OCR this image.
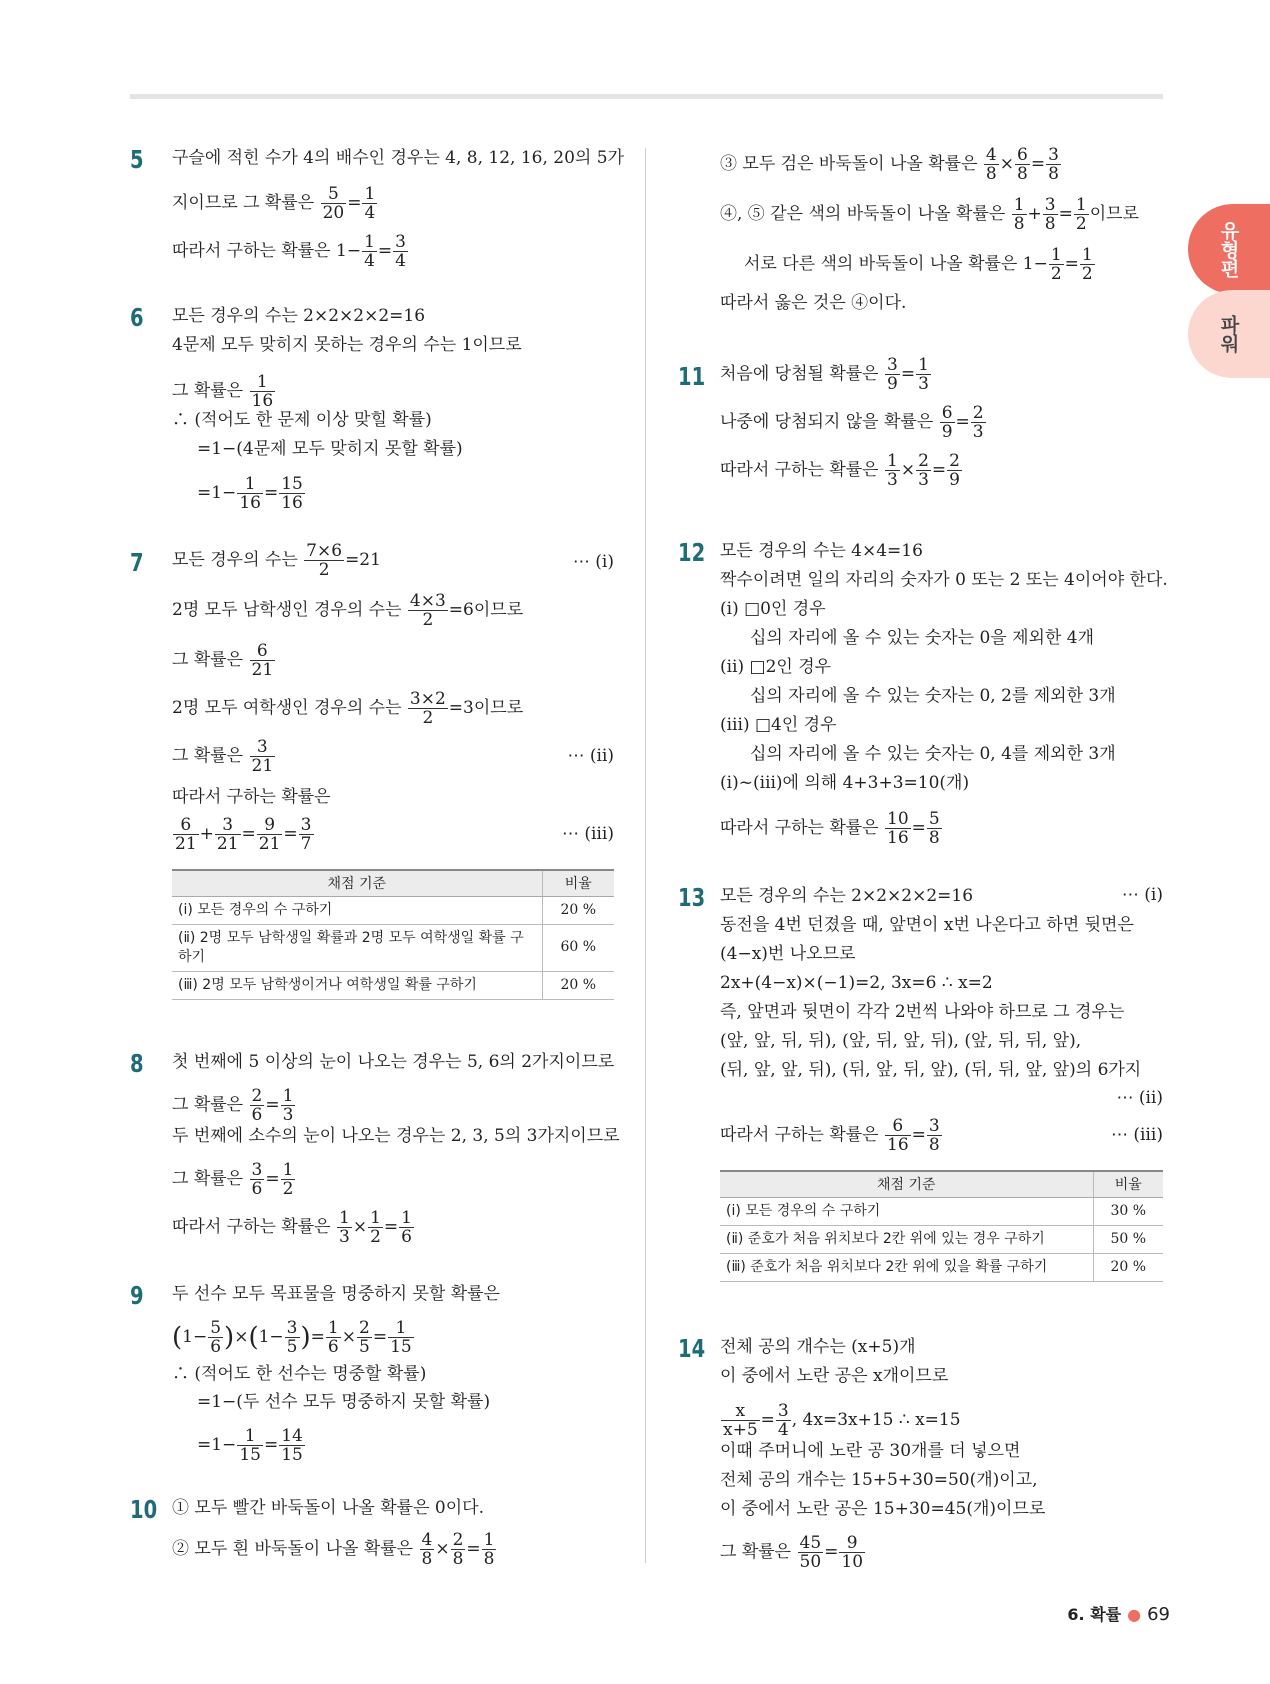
유형편
파워
5 구슬에 적힌 수가 4의 배수인 경우는 4, 8, 12, 16, 20의 5가
지이므로 그 확률은 $\frac{5}{20} = \frac{1}{4}$
따라서 구하는 확률은 $1- \frac{1}{4} = \frac{3}{4}$
6 모든 경우의 수는 2×2×2×2=16
4문제 모두 맞히지 못하는 경우의 수는 1이므로
그 확률은 $\frac{1}{16}$
∴ (적어도 한 문제 이상 맞힐 확률)
=1−(4문제 모두 맞히지 못할 확률)
$=1- \frac{1}{16} = \frac{15}{16}$
7 모든 경우의 수는 $\frac{7\times 6}{2} =21$	⋯ (ⅰ)
2명 모두 남학생인 경우의 수는 $\frac{4\times 3}{2} =6$이므로
그 확률은 $\frac{6}{21}$
2명 모두 여학생인 경우의 수는 $\frac{3\times 2}{2} =3$이므로
그 확률은 $\frac{3}{21}$	⋯ (ⅱ)
따라서 구하는 확률은
$\frac{6}{21} + \frac{3}{21} = \frac{9}{21} = \frac{3}{7}$	⋯ (ⅲ)
채점 기준	비율
(ⅰ) 모든 경우의 수 구하기	20 %
(ⅱ) 2명 모두 남학생일 확률과 2명 모두 여학생일 확률 구하기	60 %
(ⅲ) 2명 모두 남학생이거나 여학생일 확률 구하기	20 %
8 첫 번째에 5 이상의 눈이 나오는 경우는 5, 6의 2가지이므로
그 확률은 $\frac{2}{6} = \frac{1}{3}$
두 번째에 소수의 눈이 나오는 경우는 2, 3, 5의 3가지이므로
그 확률은 $\frac{3}{6} = \frac{1}{2}$
따라서 구하는 확률은 $\frac{1}{3} \times \frac{1}{2} = \frac{1}{6}$
9 두 선수 모두 목표물을 명중하지 못할 확률은
$(1- \frac{5}{6} )\times(1- \frac{3}{5}$ )= $\frac{1}{6} \times \frac{2}{5} = \frac{1}{15}$
∴ (적어도 한 선수는 명중할 확률)
=1−(두 선수 모두 명중하지 못할 확률)
$=1- \frac{1}{15} = \frac{14}{15}$
10 ① 모두 빨간 바둑돌이 나올 확률은 0이다.
② 모두 흰 바둑돌이 나올 확률은 $\frac{4}{8} \times \frac{2}{8} = \frac{1}{8}$
③ 모두 검은 바둑돌이 나올 확률은 $\frac{4}{8} \times \frac{6}{8} = \frac{3}{8}$
④, ⑤ 같은 색의 바둑돌이 나올 확률은 $\frac{1}{8} + \frac{3}{8} = \frac{1}{2}$ 이므로
서로 다른 색의 바둑돌이 나올 확률은 $1- \frac{1}{2} = \frac{1}{2}$
따라서 옳은 것은 ④이다.
11 처음에 당첨될 확률은 $\frac{3}{9} = \frac{1}{3}$
나중에 당첨되지 않을 확률은 $\frac{6}{9} = \frac{2}{3}$
따라서 구하는 확률은 $\frac{1}{3} \times \frac{2}{3} = \frac{2}{9}$
12 모든 경우의 수는 4×4=16
짝수이려면 일의 자리의 숫자가 0 또는 2 또는 4이어야 한다.
(ⅰ) □0인 경우
십의 자리에 올 수 있는 숫자는 0을 제외한 4개
(ⅱ) □2인 경우
십의 자리에 올 수 있는 숫자는 0, 2를 제외한 3개
(ⅲ) □4인 경우
십의 자리에 올 수 있는 숫자는 0, 4를 제외한 3개
(ⅰ)~(ⅲ)에 의해 4+3+3=10(개)
따라서 구하는 확률은 $\frac{10}{16} = \frac{5}{8}$
13 모든 경우의 수는 2×2×2×2=16	⋯ (ⅰ)
동전을 4번 던졌을 때, 앞면이 x번 나온다고 하면 뒷면은
(4−x)번 나오므로
2x+(4−x)×(−1)=2, 3x=6 ∴ x=2
즉, 앞면과 뒷면이 각각 2번씩 나와야 하므로 그 경우는
(앞, 앞, 뒤, 뒤), (앞, 뒤, 앞, 뒤), (앞, 뒤, 뒤, 앞),
(뒤, 앞, 앞, 뒤), (뒤, 앞, 뒤, 앞), (뒤, 뒤, 앞, 앞)의 6가지
⋯ (ⅱ)
따라서 구하는 확률은 $\frac{6}{16} = \frac{3}{8}$	⋯ (ⅲ)
채점 기준	비율
(ⅰ) 모든 경우의 수 구하기	30 %
(ⅱ) 준호가 처음 위치보다 2칸 위에 있는 경우 구하기	50 %
(ⅲ) 준호가 처음 위치보다 2칸 위에 있을 확률 구하기	20 %
14 전체 공의 개수는 (x+5)개
이 중에서 노란 공은 x개이므로
$\frac{x}{x+5} = \frac{3}{4}$ , 4x=3x+15 ∴ x=15
이때 주머니에 노란 공 30개를 더 넣으면
전체 공의 개수는 15+5+30=50(개)이고,
이 중에서 노란 공은 15+30=45(개)이므로
그 확률은 $\frac{45}{50} = \frac{9}{10}$
6. 확률 ● 69
